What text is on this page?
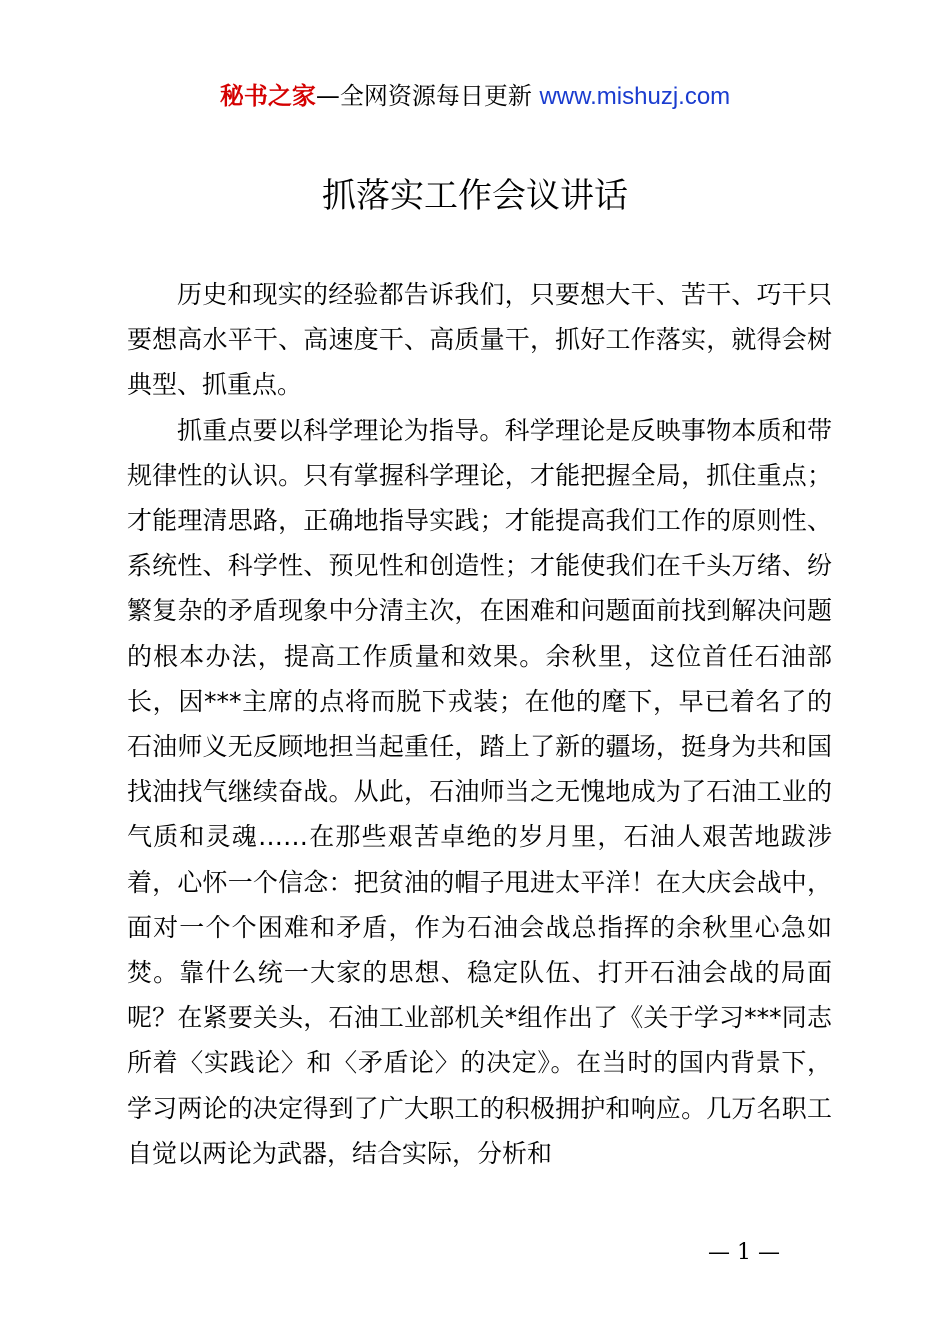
秘书之家—全网资源每日更新 www.mishuzj.com
抓落实工作会议讲话

历史和现实的经验都告诉我们，只要想大干、苦干、巧干只要想高水平干、高速度干、高质量干，抓好工作落实，就得会树典型、抓重点。

抓重点要以科学理论为指导。科学理论是反映事物本质和带规律性的认识。只有掌握科学理论，才能把握全局，抓住重点；才能理清思路，正确地指导实践；才能提高我们工作的原则性、系统性、科学性、预见性和创造性；才能使我们在千头万绪、纷繁复杂的矛盾现象中分清主次，在困难和问题面前找到解决问题的根本办法，提高工作质量和效果。余秋里，这位首任石油部长，因***主席的点将而脱下戎装；在他的麾下，早已着名了的石油师义无反顾地担当起重任，踏上了新的疆场，挺身为共和国找油找气继续奋战。从此，石油师当之无愧地成为了石油工业的气质和灵魂……在那些艰苦卓绝的岁月里，石油人艰苦地跋涉着，心怀一个信念：把贫油的帽子甩进太平洋！在大庆会战中，面对一个个困难和矛盾，作为石油会战总指挥的余秋里心急如焚。靠什么统一大家的思想、稳定队伍、打开石油会战的局面呢？在紧要关头，石油工业部机关*组作出了《关于学习***同志所着〈实践论〉和〈矛盾论〉的决定》。在当时的国内背景下，学习两论的决定得到了广大职工的积极拥护和响应。几万名职工自觉以两论为武器，结合实际，分析和

— 1 —
